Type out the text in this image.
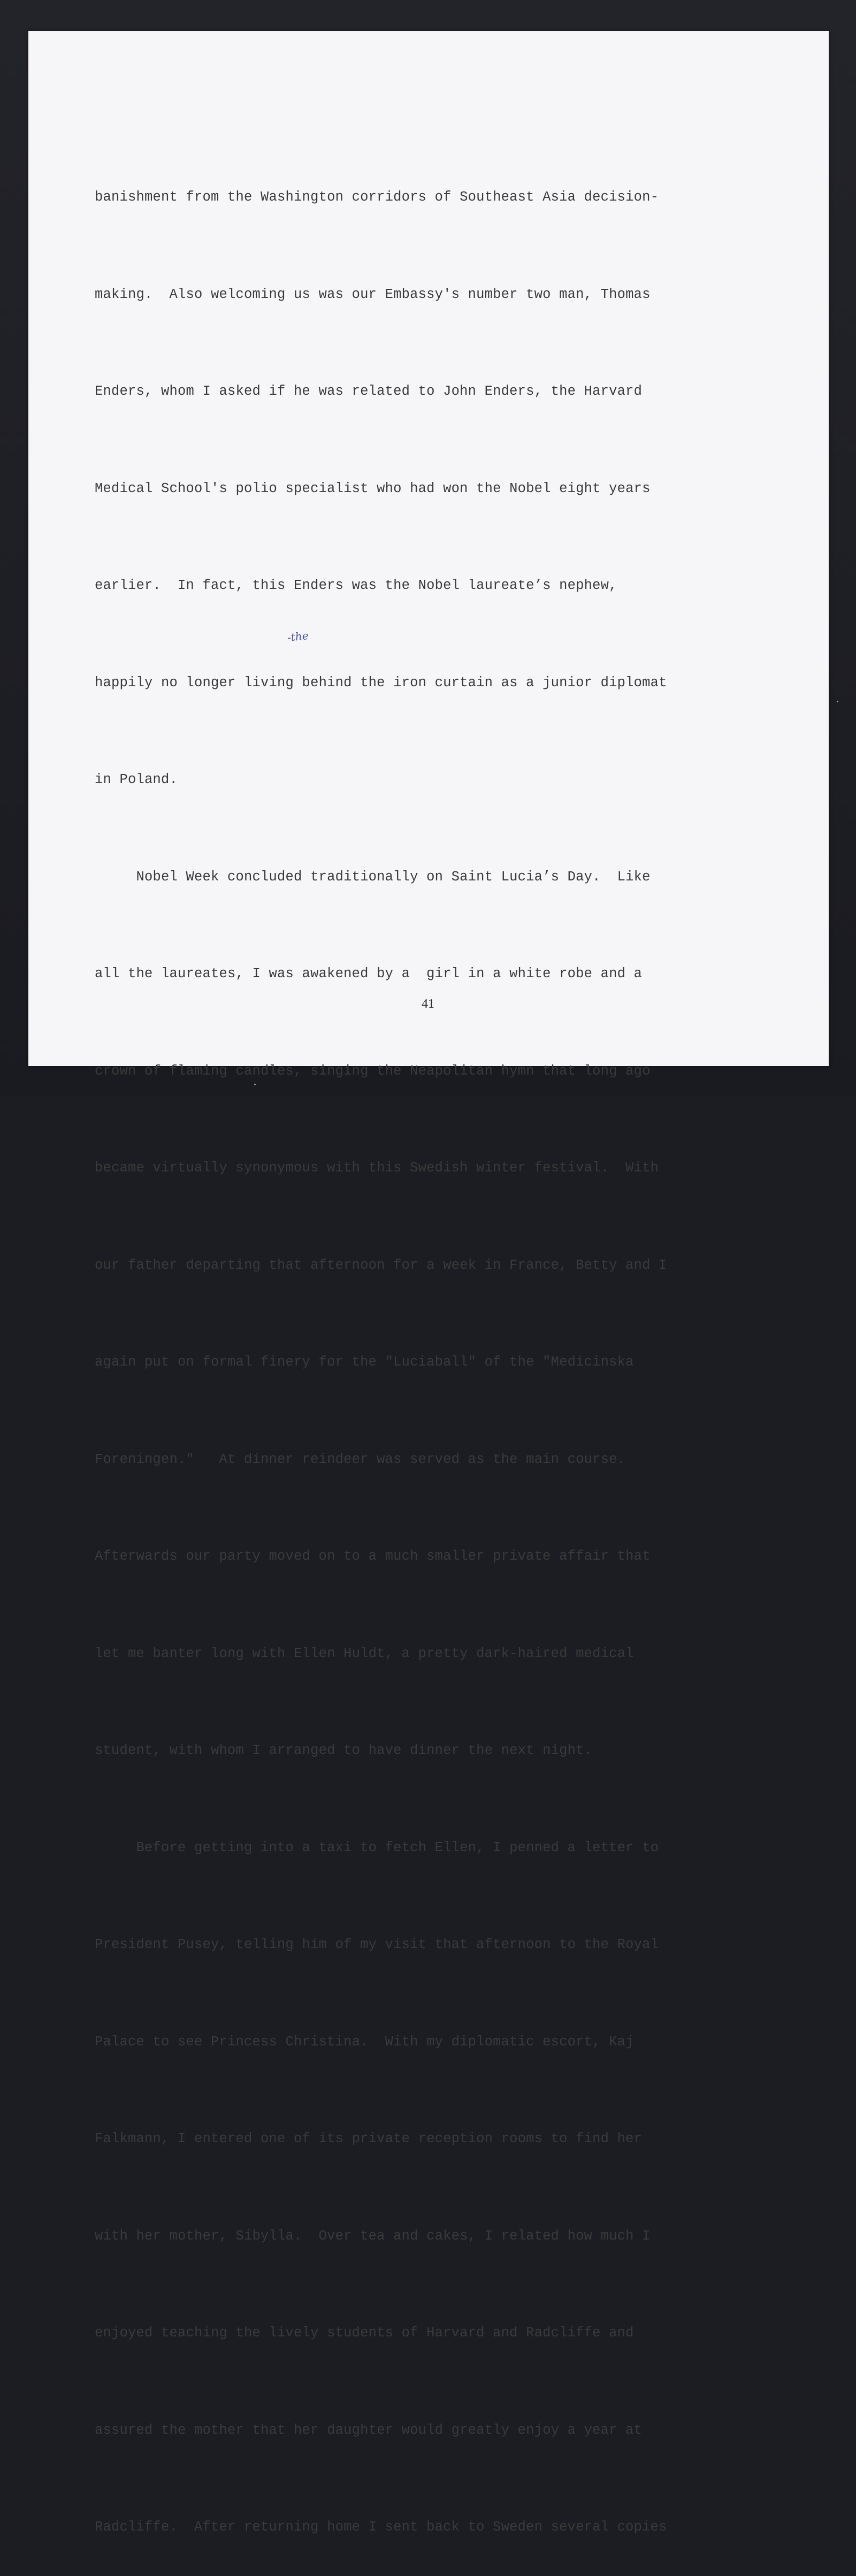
banishment from the Washington corridors of Southeast Asia decision-

making.  Also welcoming us was our Embassy's number two man, Thomas

Enders, whom I asked if he was related to John Enders, the Harvard

Medical School's polio specialist who had won the Nobel eight years

earlier.  In fact, this Enders was the Nobel laureate’s nephew,

happily no longer living behind the iron curtain as a junior diplomat

in Poland.

Nobel Week concluded traditionally on Saint Lucia’s Day.  Like

all the laureates, I was awakened by a  girl in a white robe and a

crown of flaming candles, singing the Neapolitan hymn that long ago

became virtually synonymous with this Swedish winter festival.  With

our father departing that afternoon for a week in France, Betty and I

again put on formal finery for the "Luciaball" of the "Medicinska

Foreningen."   At dinner reindeer was served as the main course.

Afterwards our party moved on to a much smaller private affair that

let me banter long with Ellen Huldt, a pretty dark-haired medical

student, with whom I arranged to have dinner the next night.

Before getting into a taxi to fetch Ellen, I penned a letter to

President Pusey, telling him of my visit that afternoon to the Royal

Palace to see Princess Christina.  With my diplomatic escort, Kaj

Falkmann, I entered one of its private reception rooms to find her

with her mother, Sibylla.  Over tea and cakes, I related how much I

enjoyed teaching the lively students of Harvard and Radcliffe and

assured the mother that her daughter would greatly enjoy a year at

Radcliffe.  After returning home I sent back to Sweden several copies

-the
41
